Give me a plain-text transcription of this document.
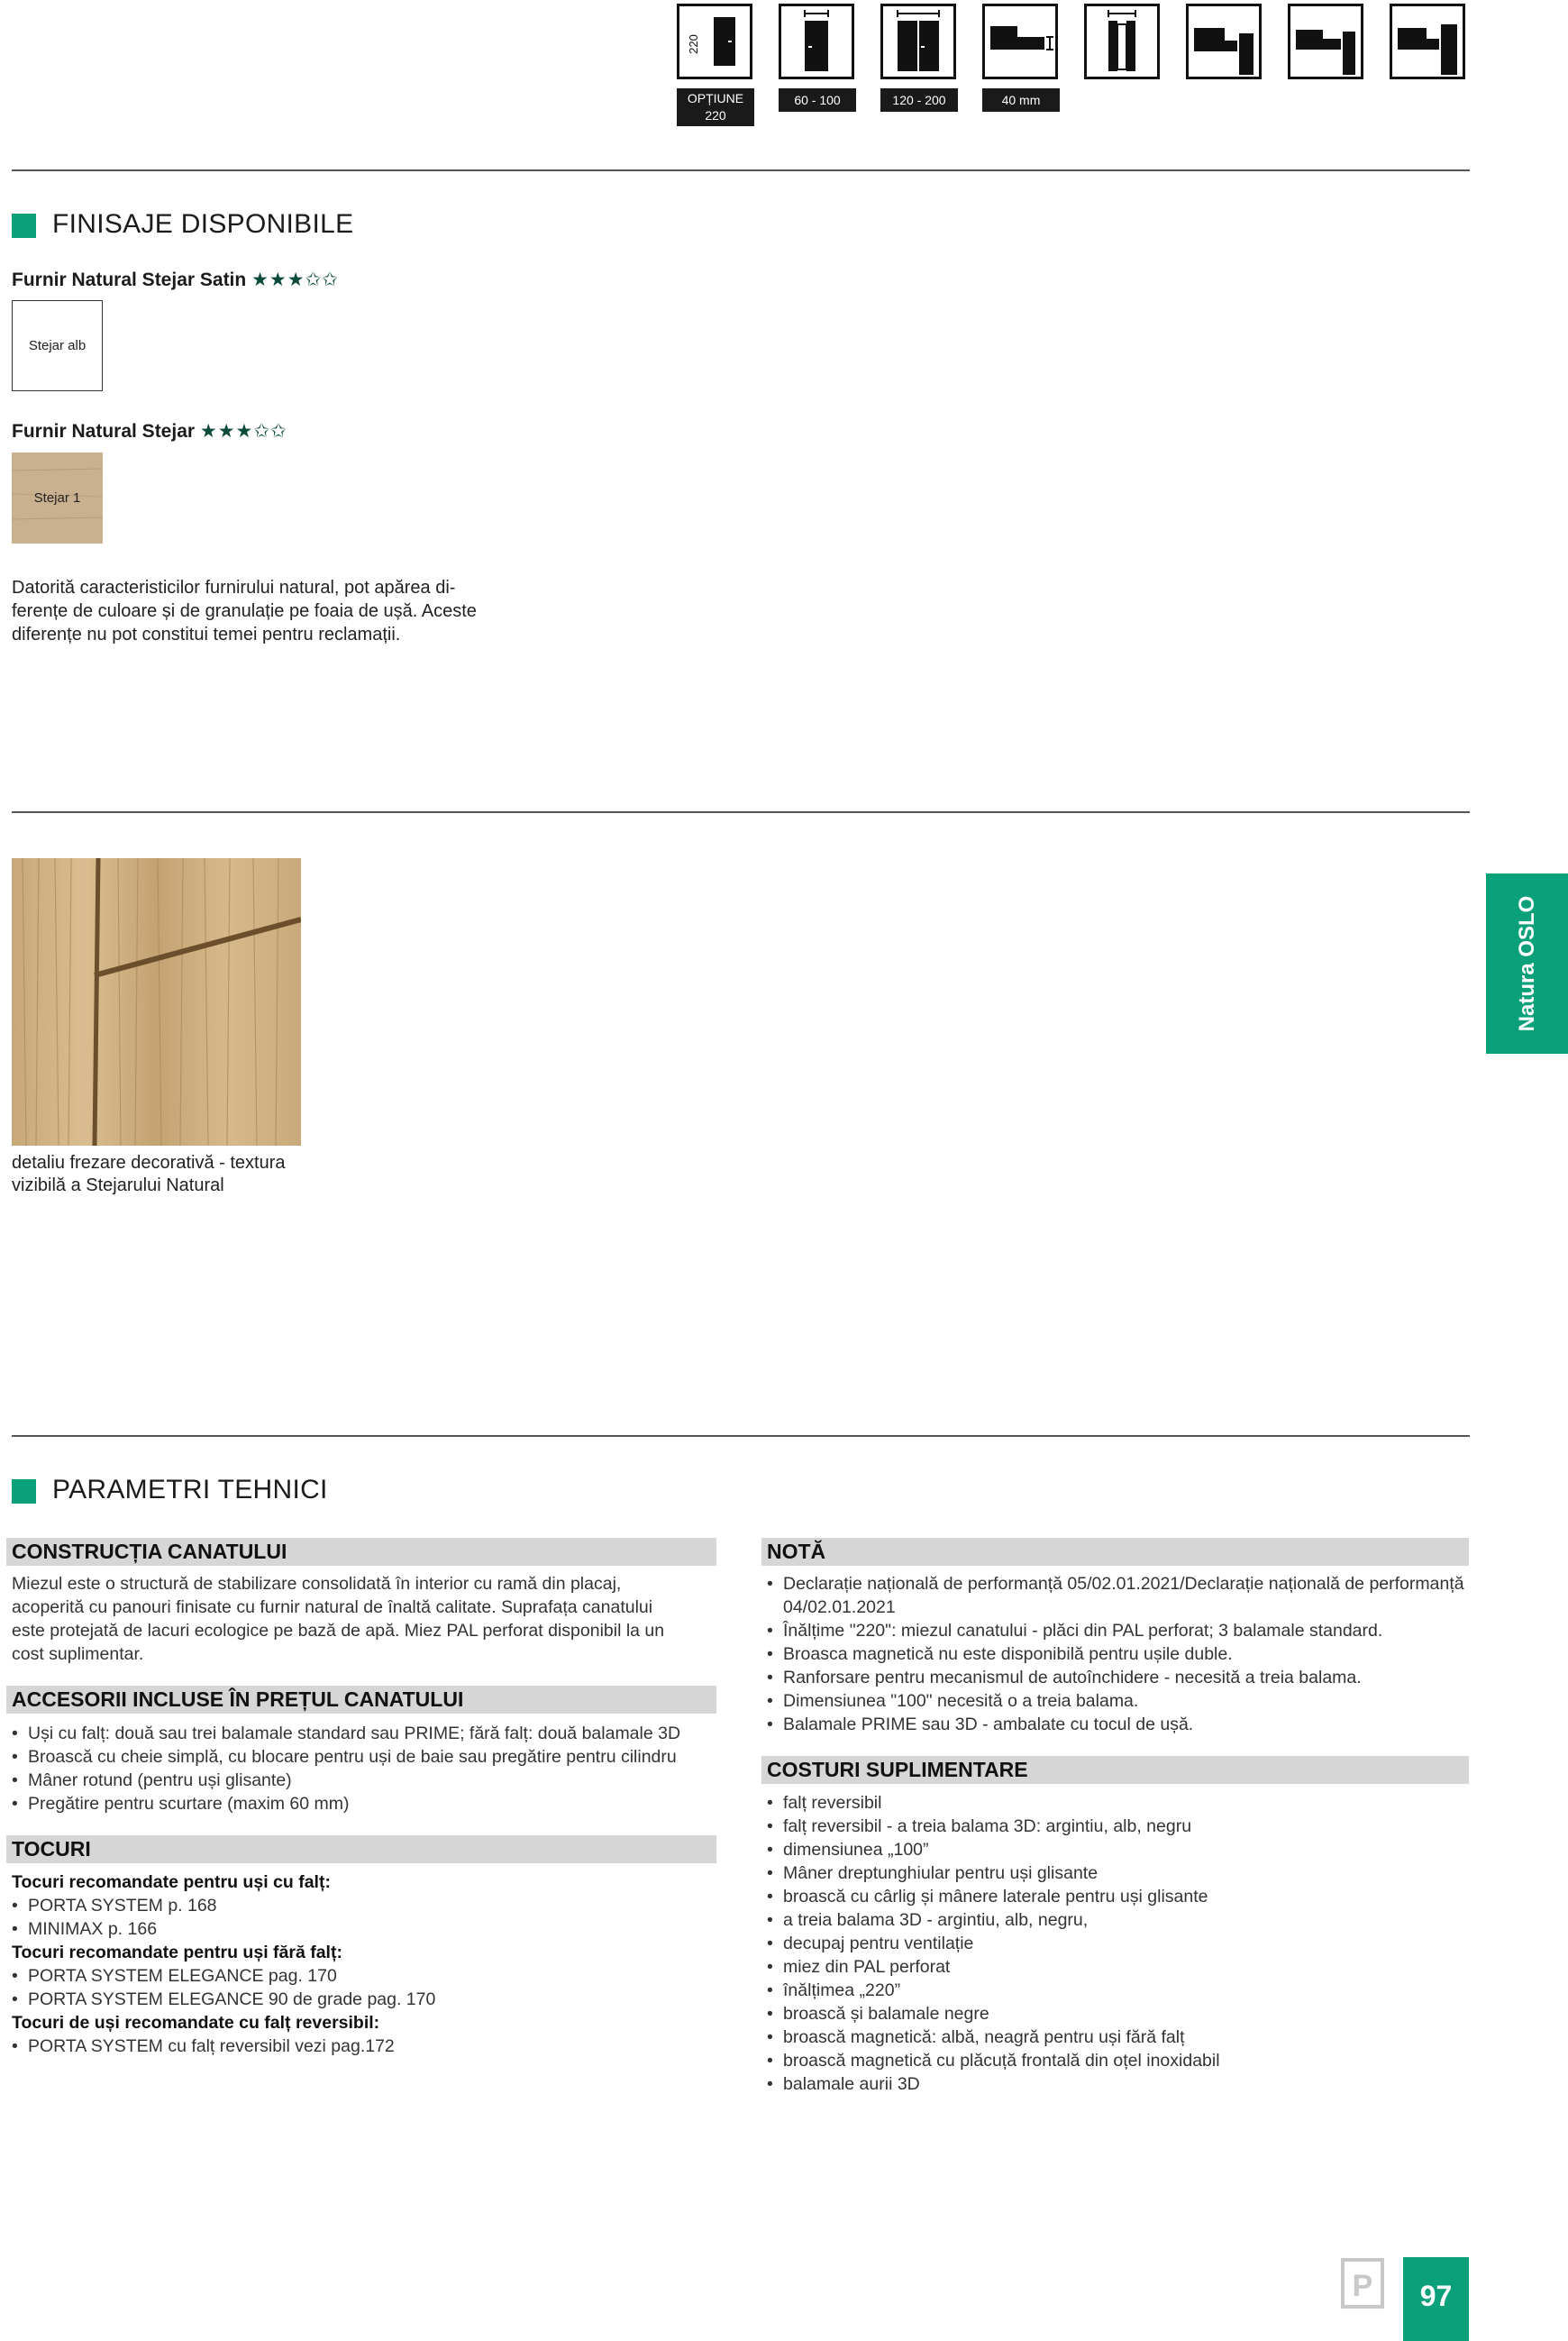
220
OPȚIUNE 220
60 - 100	120 - 200	40 mm
FINISAJE DISPONIBILE
Furnir Natural Stejar Satin ★★★✩✩
Stejar alb
Furnir Natural Stejar ★★★✩✩
Stejar 1
Datorită caracteristicilor furnirului natural, pot apărea di-
ferențe de culoare și de granulație pe foaia de ușă. Aceste
diferențe nu pot constitui temei pentru reclamații.
detaliu frezare decorativă - textura
vizibilă a Stejarului Natural
Natura OSLO
PARAMETRI TEHNICI
CONSTRUCȚIA CANATULUI
Miezul este o structură de stabilizare consolidată în interior cu ramă din placaj,
acoperită cu panouri finisate cu furnir natural de înaltă calitate. Suprafața canatului
este protejată de lacuri ecologice pe bază de apă. Miez PAL perforat disponibil la un
cost suplimentar.
ACCESORII INCLUSE ÎN PREȚUL CANATULUI
• Uși cu falț: două sau trei balamale standard sau PRIME; fără falț: două balamale 3D
• Broască cu cheie simplă, cu blocare pentru uși de baie sau pregătire pentru cilindru
• Mâner rotund (pentru uși glisante)
• Pregătire pentru scurtare (maxim 60 mm)
TOCURI
Tocuri recomandate pentru uși cu falț:
• PORTA SYSTEM p. 168
• MINIMAX p. 166
Tocuri recomandate pentru uși fără falț:
• PORTA SYSTEM ELEGANCE pag. 170
• PORTA SYSTEM ELEGANCE 90 de grade pag. 170
Tocuri de uși recomandate cu falț reversibil:
• PORTA SYSTEM cu falț reversibil vezi pag.172
NOTĂ
• Declarație națională de performanță 05/02.01.2021/Declarație națională de performanță 04/02.01.2021
• Înălțime "220": miezul canatului - plăci din PAL perforat; 3 balamale standard.
• Broasca magnetică nu este disponibilă pentru ușile duble.
• Ranforsare pentru mecanismul de autoînchidere - necesită a treia balama.
• Dimensiunea "100" necesită o a treia balama.
• Balamale PRIME sau 3D - ambalate cu tocul de ușă.
COSTURI SUPLIMENTARE
• falț reversibil
• falț reversibil - a treia balama 3D: argintiu, alb, negru
• dimensiunea „100”
• Mâner dreptunghiular pentru uși glisante
• broască cu cârlig și mânere laterale pentru uși glisante
• a treia balama 3D - argintiu, alb, negru,
• decupaj pentru ventilație
• miez din PAL perforat
• înălțimea „220”
• broască și balamale negre
• broască magnetică: albă, neagră pentru uși fără falț
• broască magnetică cu plăcuță frontală din oțel inoxidabil
• balamale aurii 3D
P	97
